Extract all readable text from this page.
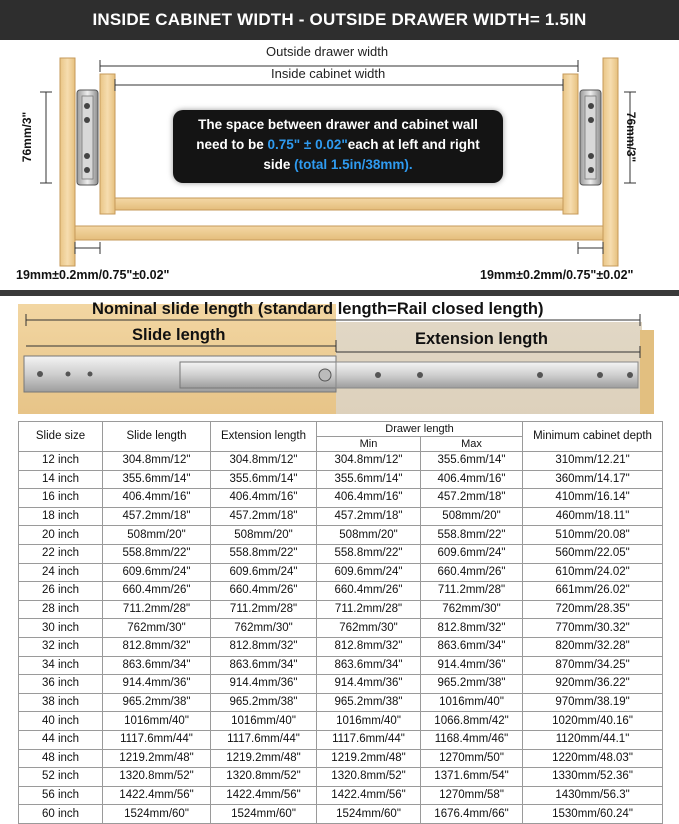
INSIDE CABINET WIDTH - OUTSIDE DRAWER WIDTH= 1.5IN
Outside drawer width
Inside cabinet width
The space between drawer and cabinet wall
need to be 0.75" ± 0.02"each at left and right
side (total 1.5in/38mm).
76mm/3"	76mm/3"
19mm±0.2mm/0.75"±0.02"	19mm±0.2mm/0.75"±0.02"
Nominal slide length (standard length=Rail closed length)
Slide length	Extension length
Slide size	Slide length	Extension length	Drawer length		Minimum cabinet depth
			Min	Max	
12 inch	304.8mm/12"	304.8mm/12"	304.8mm/12"	355.6mm/14"	310mm/12.21"
14 inch	355.6mm/14"	355.6mm/14"	355.6mm/14"	406.4mm/16"	360mm/14.17"
16 inch	406.4mm/16"	406.4mm/16"	406.4mm/16"	457.2mm/18"	410mm/16.14"
18 inch	457.2mm/18"	457.2mm/18"	457.2mm/18"	508mm/20"	460mm/18.11"
20 inch	508mm/20"	508mm/20"	508mm/20"	558.8mm/22"	510mm/20.08"
22 inch	558.8mm/22"	558.8mm/22"	558.8mm/22"	609.6mm/24"	560mm/22.05"
24 inch	609.6mm/24"	609.6mm/24"	609.6mm/24"	660.4mm/26"	610mm/24.02"
26 inch	660.4mm/26"	660.4mm/26"	660.4mm/26"	711.2mm/28"	661mm/26.02"
28 inch	711.2mm/28"	711.2mm/28"	711.2mm/28"	762mm/30"	720mm/28.35"
30 inch	762mm/30"	762mm/30"	762mm/30"	812.8mm/32"	770mm/30.32"
32 inch	812.8mm/32"	812.8mm/32"	812.8mm/32"	863.6mm/34"	820mm/32.28"
34 inch	863.6mm/34"	863.6mm/34"	863.6mm/34"	914.4mm/36"	870mm/34.25"
36 inch	914.4mm/36"	914.4mm/36"	914.4mm/36"	965.2mm/38"	920mm/36.22"
38 inch	965.2mm/38"	965.2mm/38"	965.2mm/38"	1016mm/40"	970mm/38.19"
40 inch	1016mm/40"	1016mm/40"	1016mm/40"	1066.8mm/42"	1020mm/40.16"
44 inch	1117.6mm/44"	1117.6mm/44"	1117.6mm/44"	1168.4mm/46"	1120mm/44.1"
48 inch	1219.2mm/48"	1219.2mm/48"	1219.2mm/48"	1270mm/50"	1220mm/48.03"
52 inch	1320.8mm/52"	1320.8mm/52"	1320.8mm/52"	1371.6mm/54"	1330mm/52.36"
56 inch	1422.4mm/56"	1422.4mm/56"	1422.4mm/56"	1270mm/58"	1430mm/56.3"
60 inch	1524mm/60"	1524mm/60"	1524mm/60"	1676.4mm/66"	1530mm/60.24"
